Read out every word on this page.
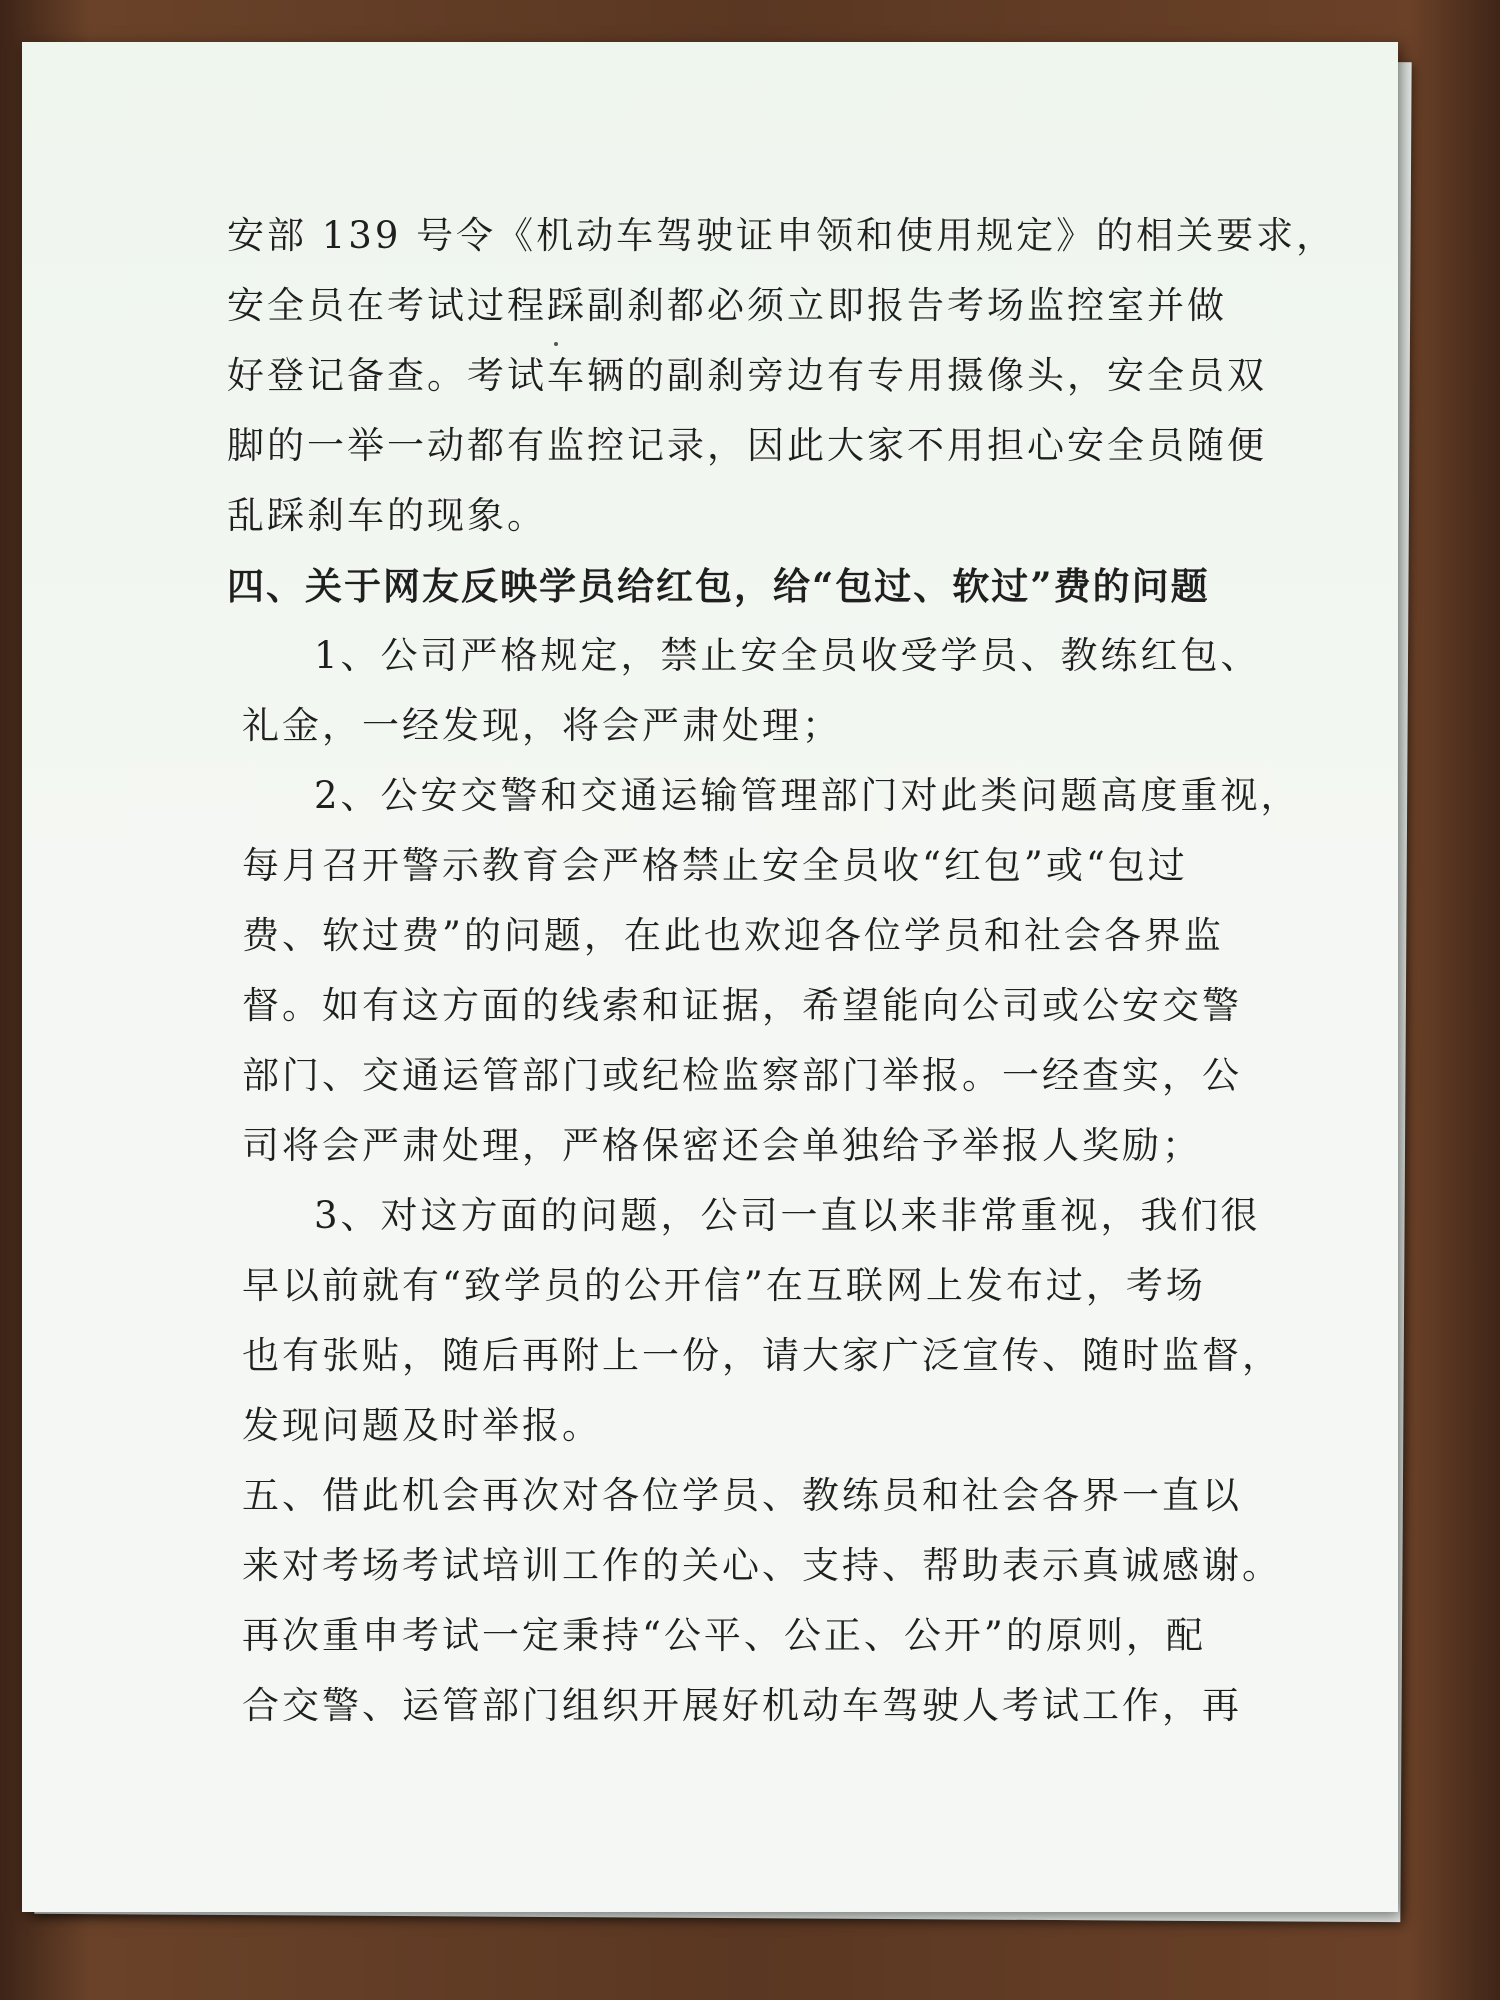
安部 139 号令《机动车驾驶证申领和使用规定》的相关要求，
安全员在考试过程踩副刹都必须立即报告考场监控室并做
好登记备查。考试车辆的副刹旁边有专用摄像头，安全员双
脚的一举一动都有监控记录，因此大家不用担心安全员随便
乱踩刹车的现象。
四、关于网友反映学员给红包，给“包过、软过”费的问题
1、公司严格规定，禁止安全员收受学员、教练红包、
礼金，一经发现，将会严肃处理；
2、公安交警和交通运输管理部门对此类问题高度重视，
每月召开警示教育会严格禁止安全员收“红包”或“包过
费、软过费”的问题，在此也欢迎各位学员和社会各界监
督。如有这方面的线索和证据，希望能向公司或公安交警
部门、交通运管部门或纪检监察部门举报。一经查实，公
司将会严肃处理，严格保密还会单独给予举报人奖励；
3、对这方面的问题，公司一直以来非常重视，我们很
早以前就有“致学员的公开信”在互联网上发布过，考场
也有张贴，随后再附上一份，请大家广泛宣传、随时监督，
发现问题及时举报。
五、借此机会再次对各位学员、教练员和社会各界一直以
来对考场考试培训工作的关心、支持、帮助表示真诚感谢。
再次重申考试一定秉持“公平、公正、公开”的原则，配
合交警、运管部门组织开展好机动车驾驶人考试工作，再
